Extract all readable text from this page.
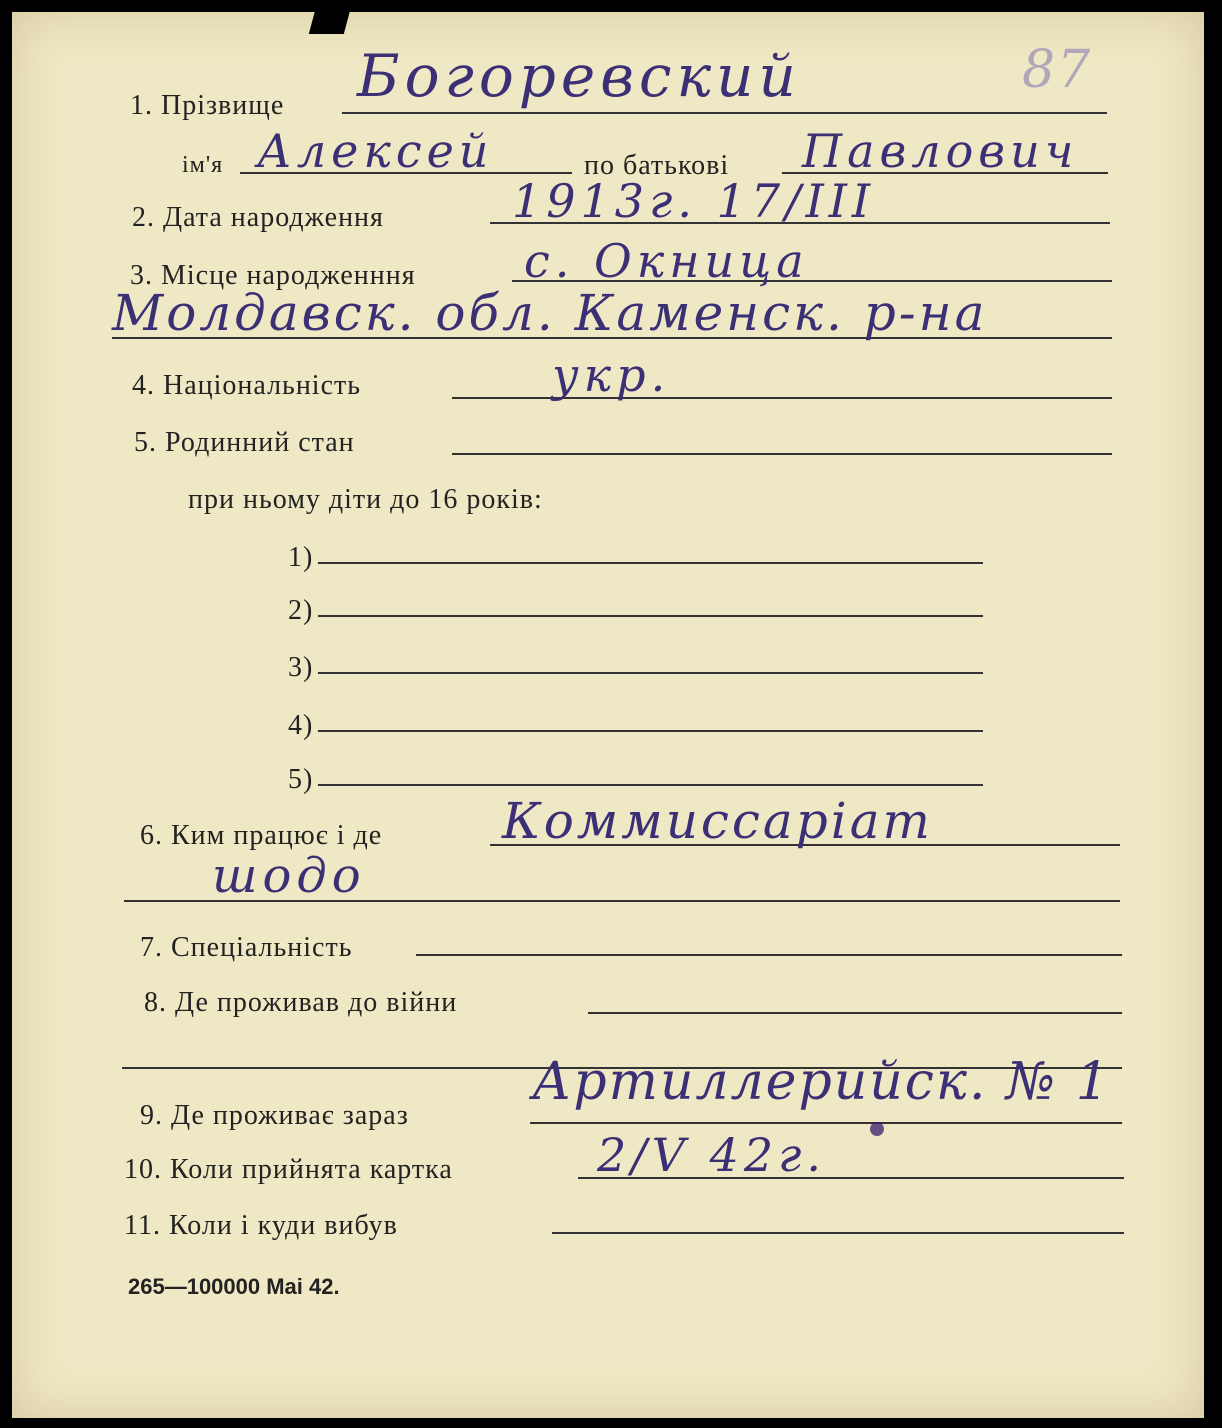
1. Прізвище Богоревский	87
ім'я Алексей	по батькові Павлович
2. Дата народження	1913г. 17/III
3. Місце народженння с. Окница
Молдавск. обл. Каменск. р-на
4. Національність	укр.
5. Родинний стан
при ньому діти до 16 років:
1)
2)
3)
4)
5)
6. Ким працює і де Коммиссаріат
шодо
7. Спеціальність
8. Де проживав до війни
9. Де проживає зараз
Артиллерийск. № 1
10. Коли прийнята картка	2/V 42г.
11. Коли і куди вибув
265—100000 Mai 42.
